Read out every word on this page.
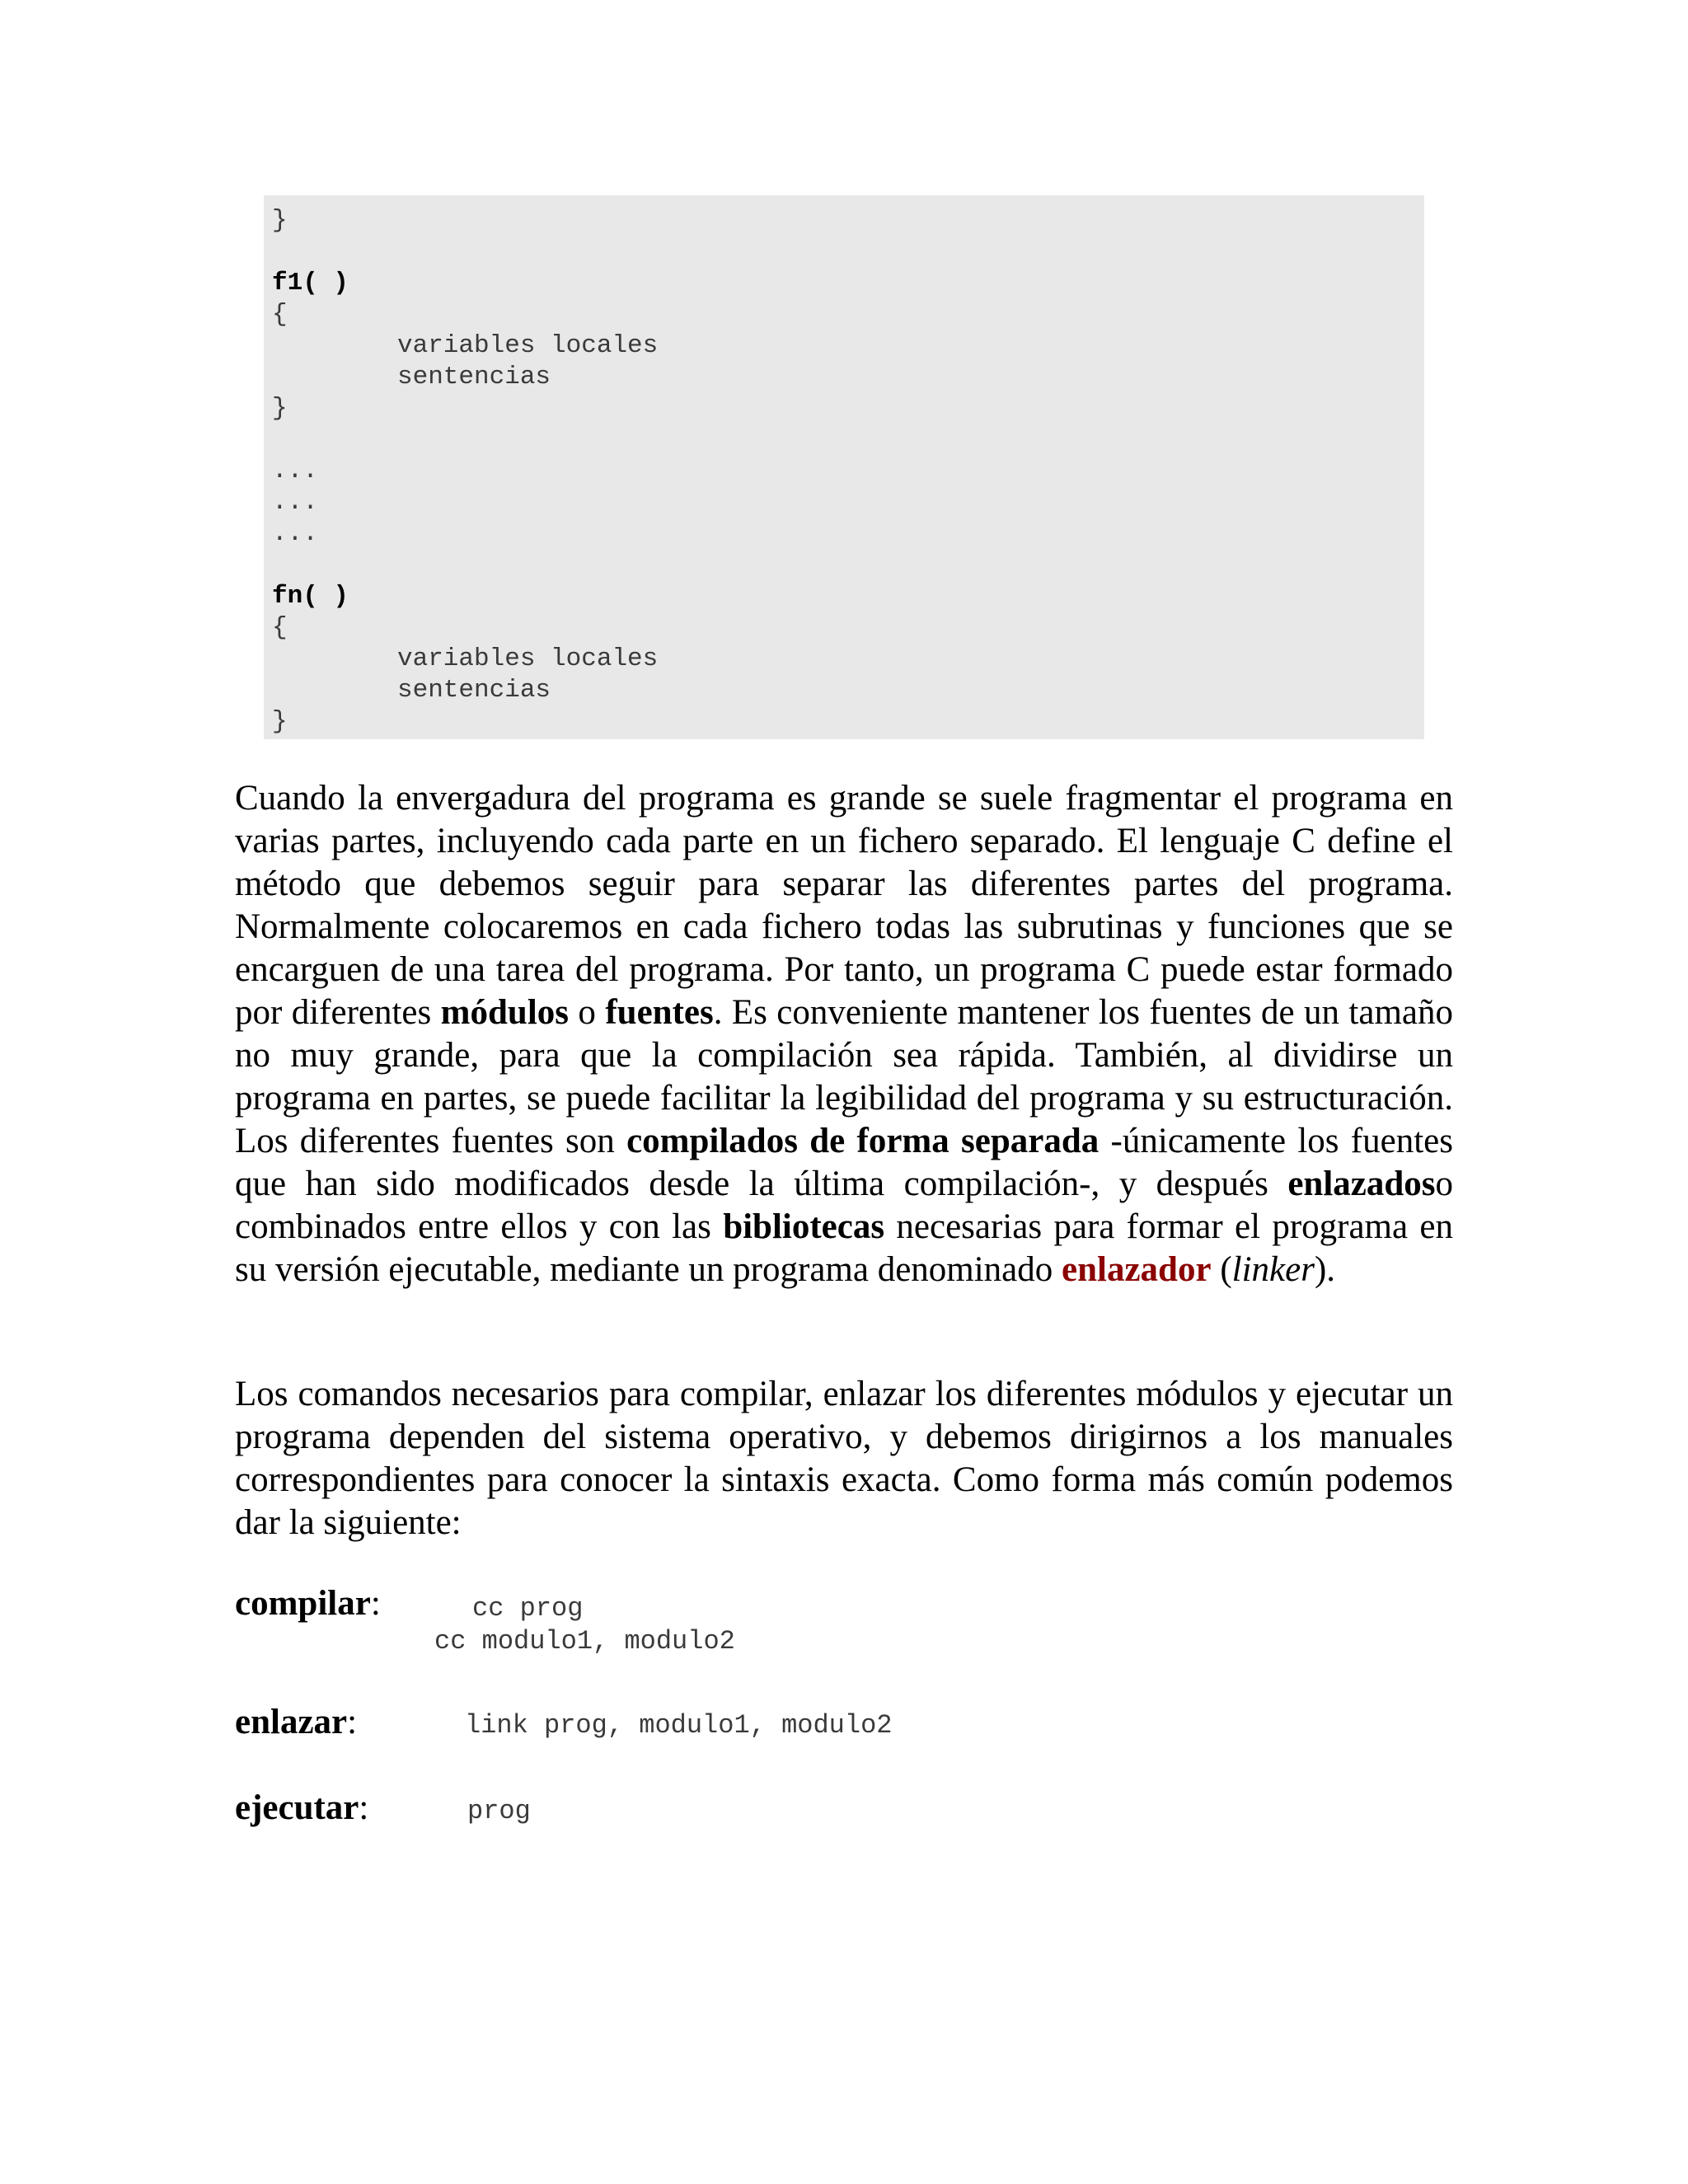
}
f1( )
{
variables locales
sentencias
}
...
...
...
fn( )
{
variables locales
sentencias
}

Cuando la envergadura del programa es grande se suele fragmentar el programa en varias partes, incluyendo cada parte en un fichero separado. El lenguaje C define el método que debemos seguir para separar las diferentes partes del programa. Normalmente colocaremos en cada fichero todas las subrutinas y funciones que se encarguen de una tarea del programa. Por tanto, un programa C puede estar formado por diferentes módulos o fuentes. Es conveniente mantener los fuentes de un tamaño no muy grande, para que la compilación sea rápida. También, al dividirse un programa en partes, se puede facilitar la legibilidad del programa y su estructuración. Los diferentes fuentes son compilados de forma separada -únicamente los fuentes que han sido modificados desde la última compilación-, y después enlazadoso combinados entre ellos y con las bibliotecas necesarias para formar el programa en su versión ejecutable, mediante un programa denominado enlazador (linker).

Los comandos necesarios para compilar, enlazar los diferentes módulos y ejecutar un programa dependen del sistema operativo, y debemos dirigirnos a los manuales correspondientes para conocer la sintaxis exacta. Como forma más común podemos dar la siguiente:

compilar:	cc prog
cc modulo1, modulo2
enlazar:	link prog, modulo1, modulo2
ejecutar:	prog
